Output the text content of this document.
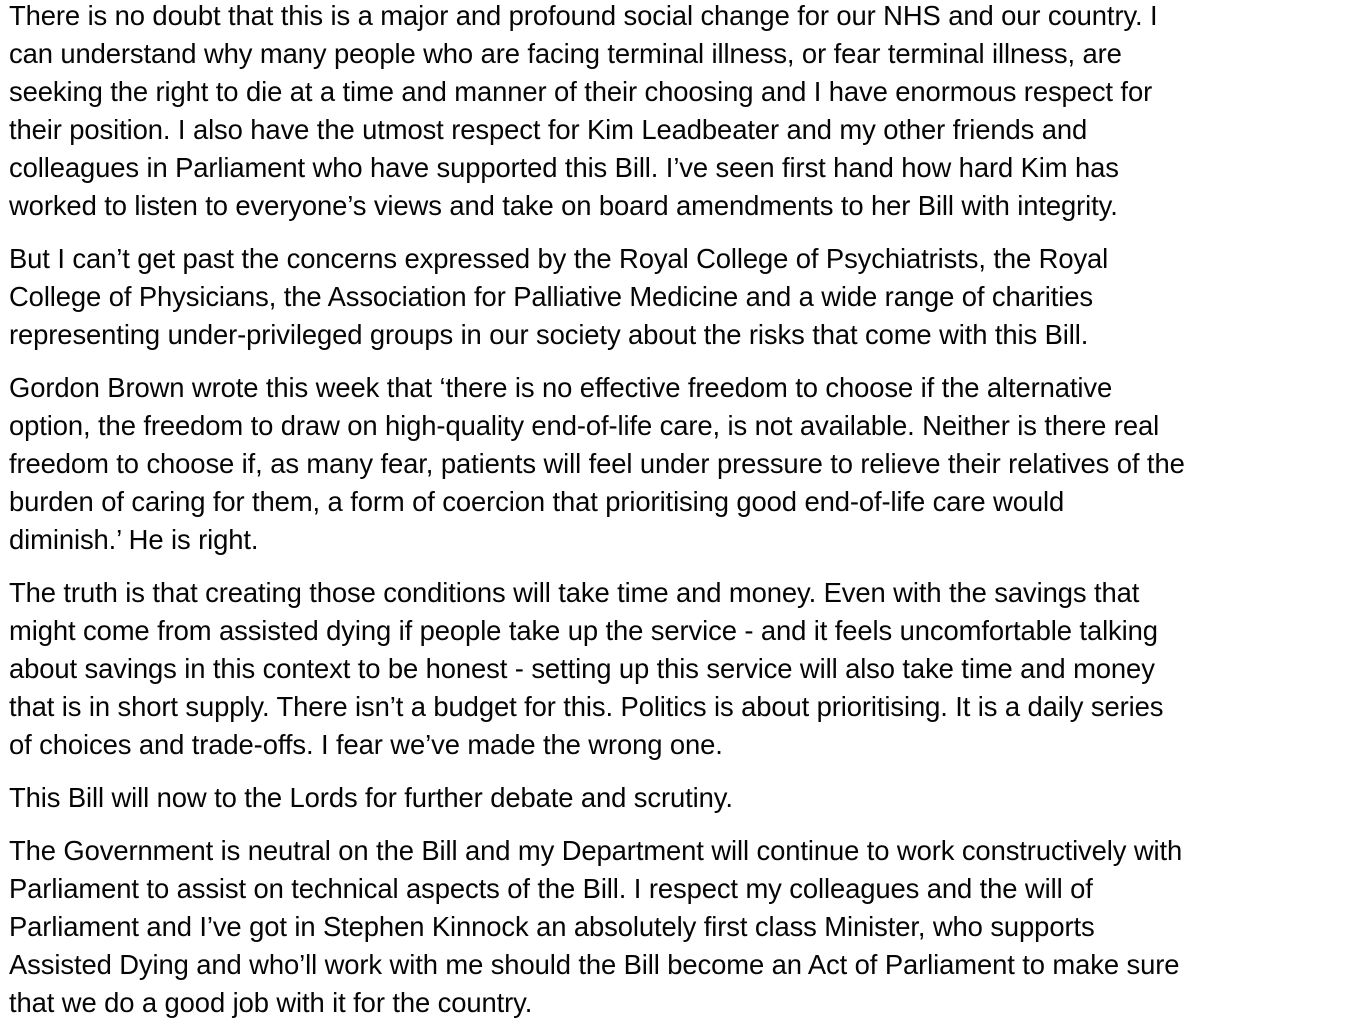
There is no doubt that this is a major and profound social change for our NHS and our country. I
can understand why many people who are facing terminal illness, or fear terminal illness, are
seeking the right to die at a time and manner of their choosing and I have enormous respect for
their position. I also have the utmost respect for Kim Leadbeater and my other friends and
colleagues in Parliament who have supported this Bill. I’ve seen first hand how hard Kim has
worked to listen to everyone’s views and take on board amendments to her Bill with integrity.

But I can’t get past the concerns expressed by the Royal College of Psychiatrists, the Royal
College of Physicians, the Association for Palliative Medicine and a wide range of charities
representing under-privileged groups in our society about the risks that come with this Bill.

Gordon Brown wrote this week that ‘there is no effective freedom to choose if the alternative
option, the freedom to draw on high-quality end-of-life care, is not available. Neither is there real
freedom to choose if, as many fear, patients will feel under pressure to relieve their relatives of the
burden of caring for them, a form of coercion that prioritising good end-of-life care would
diminish.’ He is right.

The truth is that creating those conditions will take time and money. Even with the savings that
might come from assisted dying if people take up the service - and it feels uncomfortable talking
about savings in this context to be honest - setting up this service will also take time and money
that is in short supply. There isn’t a budget for this. Politics is about prioritising. It is a daily series
of choices and trade-offs. I fear we’ve made the wrong one.

This Bill will now to the Lords for further debate and scrutiny.

The Government is neutral on the Bill and my Department will continue to work constructively with
Parliament to assist on technical aspects of the Bill. I respect my colleagues and the will of
Parliament and I’ve got in Stephen Kinnock an absolutely first class Minister, who supports
Assisted Dying and who’ll work with me should the Bill become an Act of Parliament to make sure
that we do a good job with it for the country.
